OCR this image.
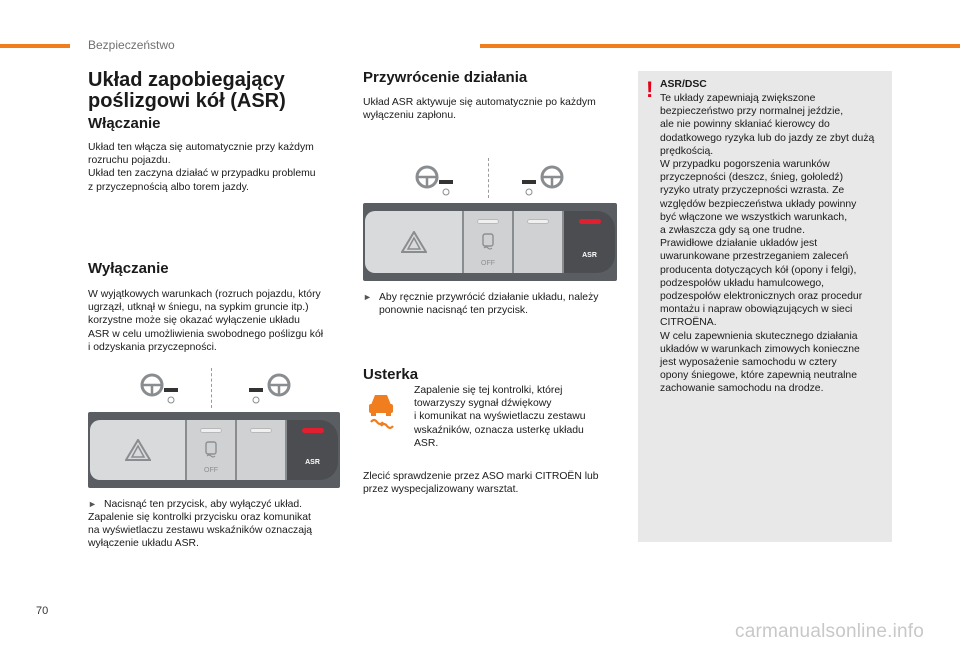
Bezpieczeństwo
Układ zapobiegający
poślizgowi kół (ASR)
Włączanie

Układ ten włącza się automatycznie przy każdym
rozruchu pojazdu.
Układ ten zaczyna działać w przypadku problemu
z przyczepnością albo torem jazdy.

Wyłączanie

W wyjątkowych warunkach (rozruch pojazdu, który
ugrzązł, utknął w śniegu, na sypkim gruncie itp.)
korzystne może się okazać wyłączenie układu
ASR w celu umożliwienia swobodnego poślizgu kół
i odzyskania przyczepności.

OFF
ASR
► Nacisnąć ten przycisk, aby wyłączyć układ.

Zapalenie się kontrolki przycisku oraz komunikat
na wyświetlaczu zestawu wskaźników oznaczają
wyłączenie układu ASR.

Przywrócenie działania

Układ ASR aktywuje się automatycznie po każdym
wyłączeniu zapłonu.

OFF
ASR
► Aby ręcznie przywrócić działanie układu, należy
ponownie nacisnąć ten przycisk.
Usterka

Zapalenie się tej kontrolki, której
towarzyszy sygnał dźwiękowy
i komunikat na wyświetlaczu zestawu
wskaźników, oznacza usterkę układu
ASR.

Zlecić sprawdzenie przez ASO marki CITROËN lub
przez wyspecjalizowany warsztat.

! ASR/DSC
Te układy zapewniają zwiększone
bezpieczeństwo przy normalnej jeździe,
ale nie powinny skłaniać kierowcy do
dodatkowego ryzyka lub do jazdy ze zbyt dużą
prędkością.
W przypadku pogorszenia warunków
przyczepności (deszcz, śnieg, gołoledź)
ryzyko utraty przyczepności wzrasta. Ze
względów bezpieczeństwa układy powinny
być włączone we wszystkich warunkach,
a zwłaszcza gdy są one trudne.
Prawidłowe działanie układów jest
uwarunkowane przestrzeganiem zaleceń
producenta dotyczących kół (opony i felgi),
podzespołów układu hamulcowego,
podzespołów elektronicznych oraz procedur
montażu i napraw obowiązujących w sieci
CITROËNA.
W celu zapewnienia skutecznego działania
układów w warunkach zimowych konieczne
jest wyposażenie samochodu w cztery
opony śniegowe, które zapewnią neutralne
zachowanie samochodu na drodze.
70
carmanualsonline.info
